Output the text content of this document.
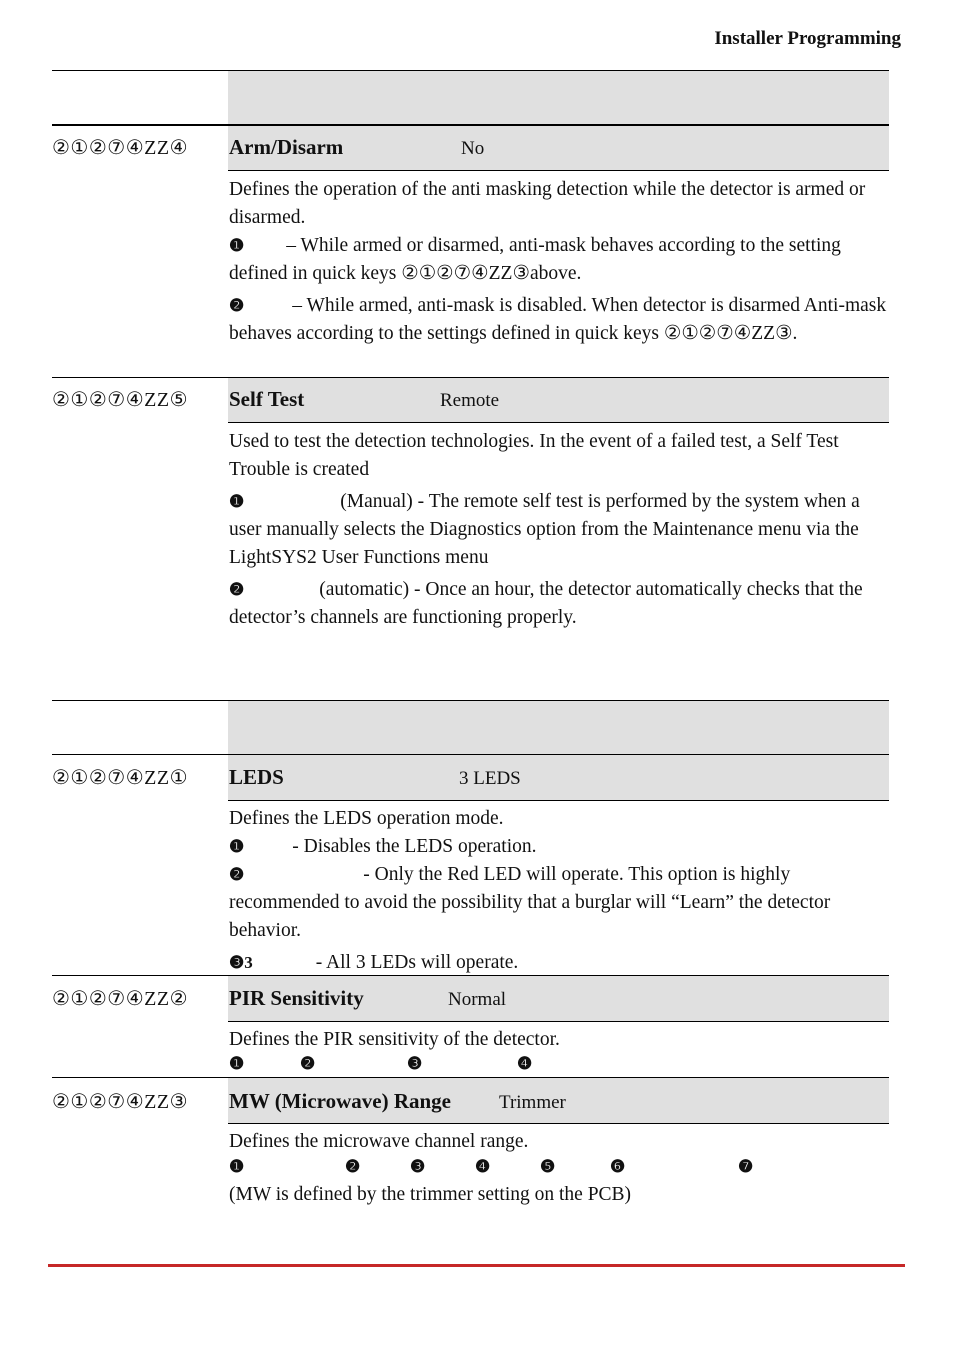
Installer Programming
②①②⑦④ZZ④ Arm/Disarm	No
Defines the operation of the anti masking detection while the detector is armed or disarmed.
❶ – While armed or disarmed, anti-mask behaves according to the setting defined in quick keys ②①②⑦④ZZ③above.
❷ – While armed, anti-mask is disabled. When detector is disarmed Anti-mask behaves according to the settings defined in quick keys ②①②⑦④ZZ③.
②①②⑦④ZZ⑤ Self Test	Remote
Used to test the detection technologies. In the event of a failed test, a Self Test Trouble is created
❶	(Manual) - The remote self test is performed by the system when a user manually selects the Diagnostics option from the Maintenance menu via the LightSYS2 User Functions menu
❷	(automatic) - Once an hour, the detector automatically checks that the detector’s channels are functioning properly.
②①②⑦④ZZ① LEDS	3 LEDS
Defines the LEDS operation mode.
❶ - Disables the LEDS operation.
❷	- Only the Red LED will operate. This option is highly recommended to avoid the possibility that a burglar will “Learn” the detector behavior.
❸3	- All 3 LEDs will operate.
②①②⑦④ZZ② PIR Sensitivity	Normal
Defines the PIR sensitivity of the detector.
❶	❷	❸	❹
②①②⑦④ZZ③ MW (Microwave) Range	Trimmer
Defines the microwave channel range.
❶	❷	❸	❹	❺	❻	❼
(MW is defined by the trimmer setting on the PCB)
